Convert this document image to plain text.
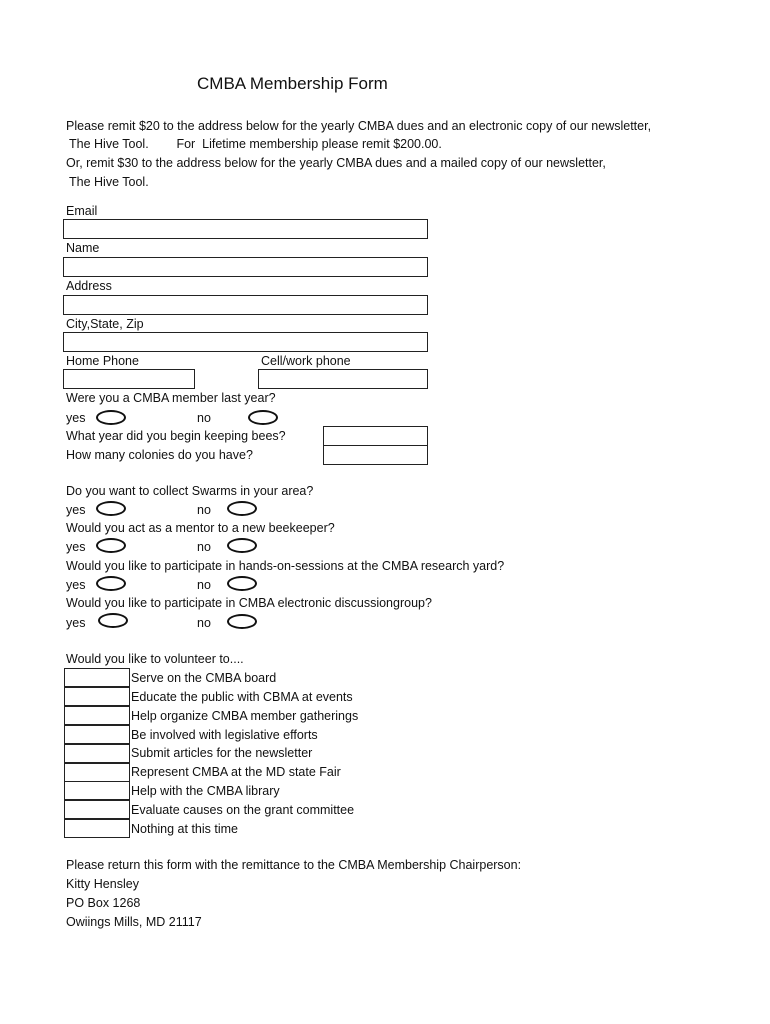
CMBA Membership Form
Please remit $20 to the address below for the yearly CMBA dues and an electronic copy of our newsletter,
The Hive Tool.        For  Lifetime membership please remit $200.00.
Or, remit $30 to the address below for the yearly CMBA dues and a mailed copy of our newsletter,
The Hive Tool.
Email
Name
Address
City,State, Zip
Home Phone	Cell/work phone
Were you a CMBA member last year?
yes	no
What year did you begin keeping bees?
How many colonies do you have?
Do you want to collect Swarms in your area?
yes	no
Would you act as a mentor to a new beekeeper?
yes	no
Would you like to participate in hands-on-sessions at the CMBA research yard?
yes	no
Would you like to participate in CMBA electronic discussiongroup?
yes	no
Would you like to volunteer to....
Serve on the CMBA board
Educate the public with CBMA at events
Help organize CMBA member gatherings
Be involved with legislative efforts
Submit articles for the newsletter
Represent CMBA at the MD state Fair
Help with the CMBA library
Evaluate causes on the grant committee
Nothing at this time
Please return this form with the remittance to the CMBA Membership Chairperson:
Kitty Hensley
PO Box 1268
Owiings Mills, MD 21117
